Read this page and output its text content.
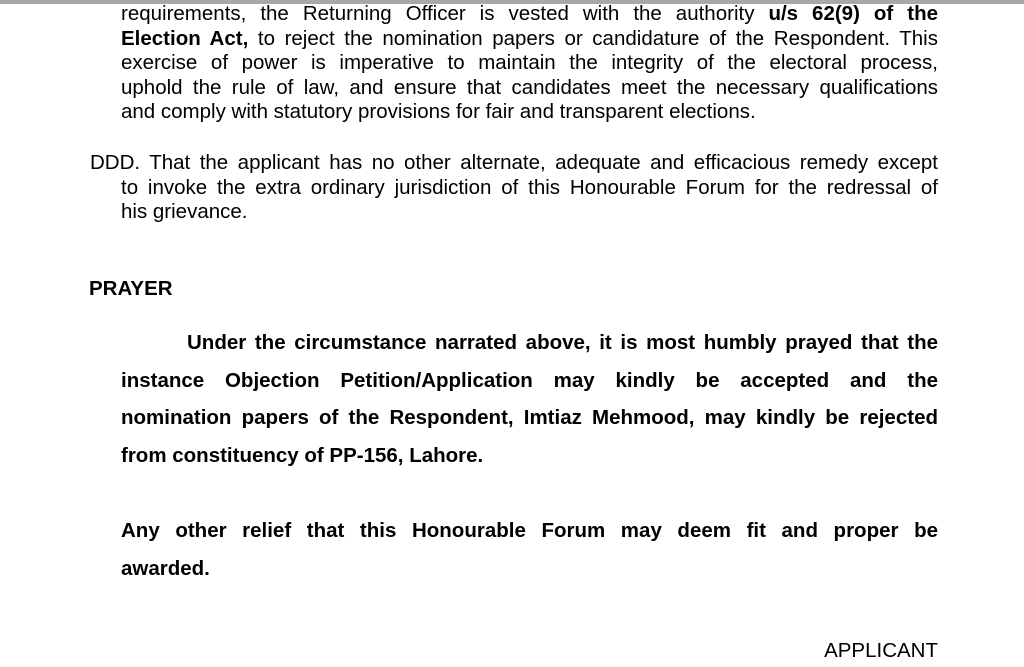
requirements, the Returning Officer is vested with the authority u/s 62(9) of the
Election Act, to reject the nomination papers or candidature of the Respondent. This
exercise of power is imperative to maintain the integrity of the electoral process,
uphold the rule of law, and ensure that candidates meet the necessary qualifications
and comply with statutory provisions for fair and transparent elections.
DDD. That the applicant has no other alternate, adequate and efficacious remedy except
to invoke the extra ordinary jurisdiction of this Honourable Forum for the redressal of
his grievance.
PRAYER
Under the circumstance narrated above, it is most humbly prayed that the
instance Objection Petition/Application may kindly be accepted and the
nomination papers of the Respondent, Imtiaz Mehmood, may kindly be rejected
from constituency of PP-156, Lahore.
Any other relief that this Honourable Forum may deem fit and proper be
awarded.
APPLICANT
